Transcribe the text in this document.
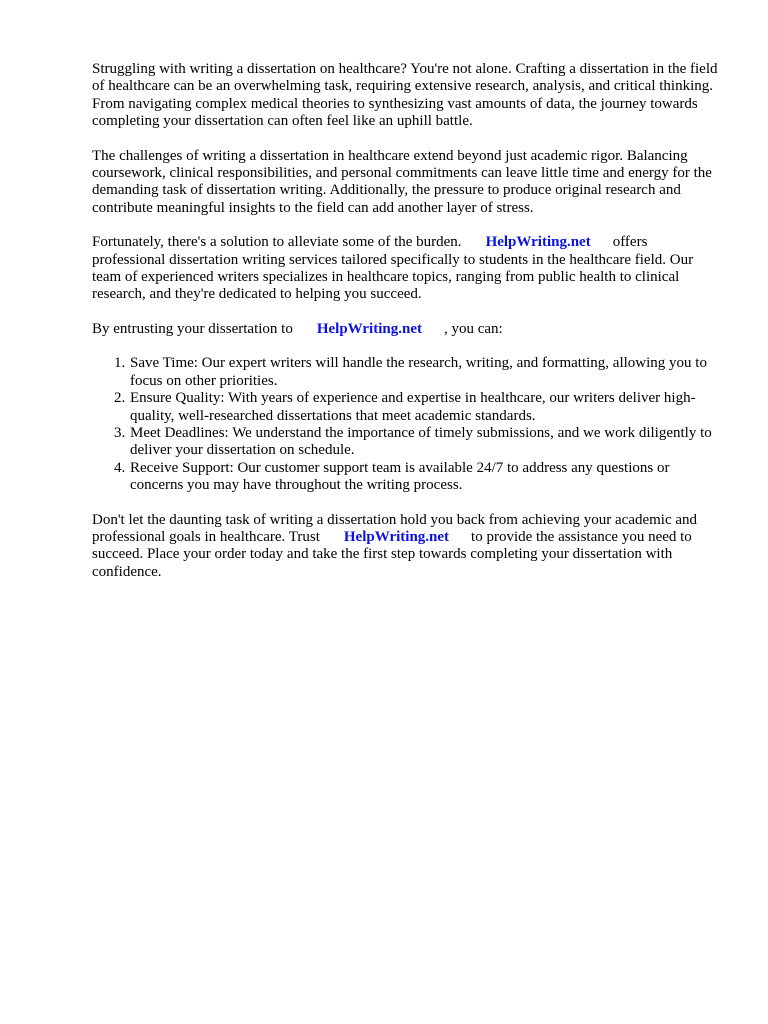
Struggling with writing a dissertation on healthcare? You're not alone. Crafting a dissertation in the field of healthcare can be an overwhelming task, requiring extensive research, analysis, and critical thinking. From navigating complex medical theories to synthesizing vast amounts of data, the journey towards completing your dissertation can often feel like an uphill battle.

The challenges of writing a dissertation in healthcare extend beyond just academic rigor. Balancing coursework, clinical responsibilities, and personal commitments can leave little time and energy for the demanding task of dissertation writing. Additionally, the pressure to produce original research and contribute meaningful insights to the field can add another layer of stress.

Fortunately, there's a solution to alleviate some of the burden. HelpWriting.net offers professional dissertation writing services tailored specifically to students in the healthcare field. Our team of experienced writers specializes in healthcare topics, ranging from public health to clinical research, and they're dedicated to helping you succeed.

By entrusting your dissertation to HelpWriting.net , you can:

1. Save Time: Our expert writers will handle the research, writing, and formatting, allowing you to focus on other priorities.
2. Ensure Quality: With years of experience and expertise in healthcare, our writers deliver high-quality, well-researched dissertations that meet academic standards.
3. Meet Deadlines: We understand the importance of timely submissions, and we work diligently to deliver your dissertation on schedule.
4. Receive Support: Our customer support team is available 24/7 to address any questions or concerns you may have throughout the writing process.

Don't let the daunting task of writing a dissertation hold you back from achieving your academic and professional goals in healthcare. Trust HelpWriting.net to provide the assistance you need to succeed. Place your order today and take the first step towards completing your dissertation with confidence.
